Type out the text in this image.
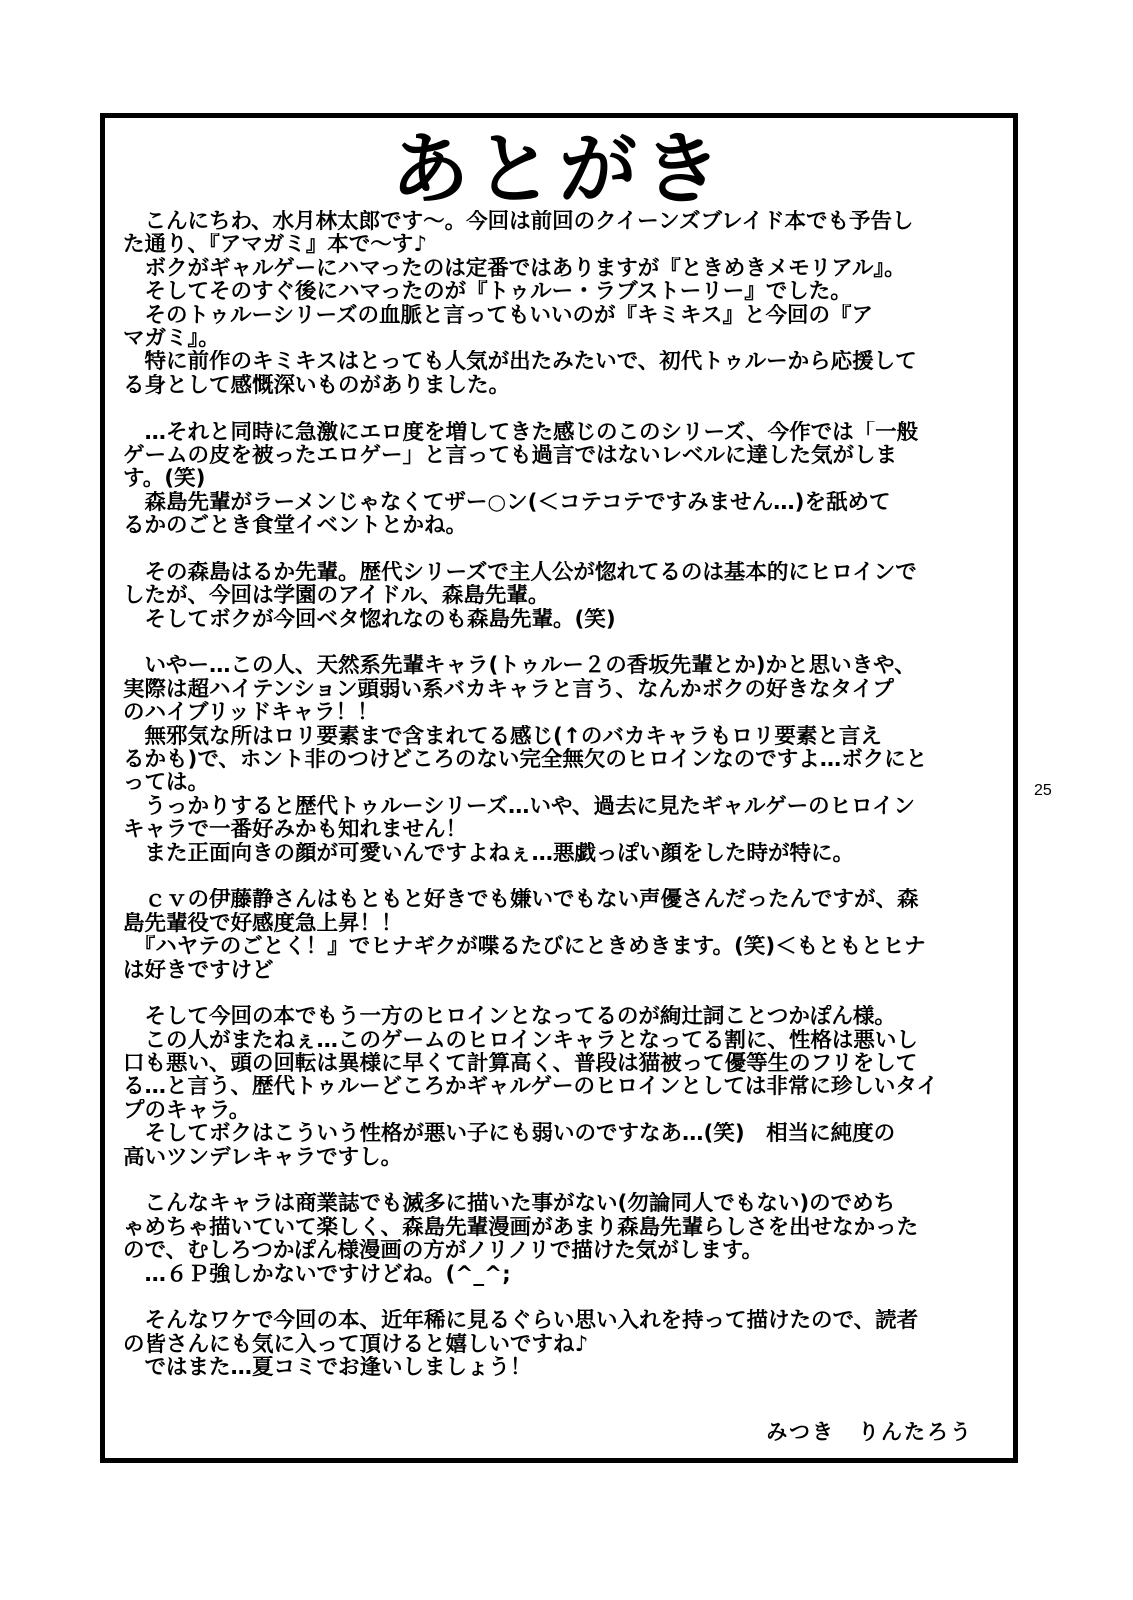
あとがき
　こんにちわ、水月林太郎です～。今回は前回のクイーンズブレイド本でも予告し
た通り、『アマガミ』本で～す♪
　ボクがギャルゲーにハマったのは定番ではありますが『ときめきメモリアル』。
　そしてそのすぐ後にハマったのが『トゥルー・ラブストーリー』でした。
　そのトゥルーシリーズの血脈と言ってもいいのが『キミキス』と今回の『ア
マガミ』。
　特に前作のキミキスはとっても人気が出たみたいで、初代トゥルーから応援して
る身として感慨深いものがありました。
　…それと同時に急激にエロ度を増してきた感じのこのシリーズ、今作では「一般
ゲームの皮を被ったエロゲー」と言っても過言ではないレベルに達した気がしま
す。(笑)
　森島先輩がラーメンじゃなくてザー○ン(＜コテコテですみません…)を舐めて
るかのごとき食堂イベントとかね。
　その森島はるか先輩。歴代シリーズで主人公が惚れてるのは基本的にヒロインで
したが、今回は学園のアイドル、森島先輩。
　そしてボクが今回ベタ惚れなのも森島先輩。(笑)
　いやー…この人、天然系先輩キャラ(トゥルー２の香坂先輩とか)かと思いきや、
実際は超ハイテンション頭弱い系バカキャラと言う、なんかボクの好きなタイプ
のハイブリッドキャラ！！
　無邪気な所はロリ要素まで含まれてる感じ(↑のバカキャラもロリ要素と言え
るかも)で、ホント非のつけどころのない完全無欠のヒロインなのですよ…ボクにと
っては。
　うっかりすると歴代トゥルーシリーズ…いや、過去に見たギャルゲーのヒロイン
キャラで一番好みかも知れません！
　また正面向きの顔が可愛いんですよねぇ…悪戯っぽい顔をした時が特に。
　ｃｖの伊藤静さんはもともと好きでも嫌いでもない声優さんだったんですが、森
島先輩役で好感度急上昇！！
　『ハヤテのごとく！』でヒナギクが喋るたびにときめきます。(笑)＜もともとヒナ
は好きですけど
　そして今回の本でもう一方のヒロインとなってるのが絢辻詞ことつかぽん様。
　この人がまたねぇ…このゲームのヒロインキャラとなってる割に、性格は悪いし
口も悪い、頭の回転は異様に早くて計算高く、普段は猫被って優等生のフリをして
る…と言う、歴代トゥルーどころかギャルゲーのヒロインとしては非常に珍しいタイ
プのキャラ。
　そしてボクはこういう性格が悪い子にも弱いのですなあ…(笑)　相当に純度の
高いツンデレキャラですし。
　こんなキャラは商業誌でも滅多に描いた事がない(勿論同人でもない)のでめち
ゃめちゃ描いていて楽しく、森島先輩漫画があまり森島先輩らしさを出せなかった
ので、むしろつかぽん様漫画の方がノリノリで描けた気がします。
　…６Ｐ強しかないですけどね。(^_^;
　そんなワケで今回の本、近年稀に見るぐらい思い入れを持って描けたので、読者
の皆さんにも気に入って頂けると嬉しいですね♪
　ではまた…夏コミでお逢いしましょう！
みつき　りんたろう
25
